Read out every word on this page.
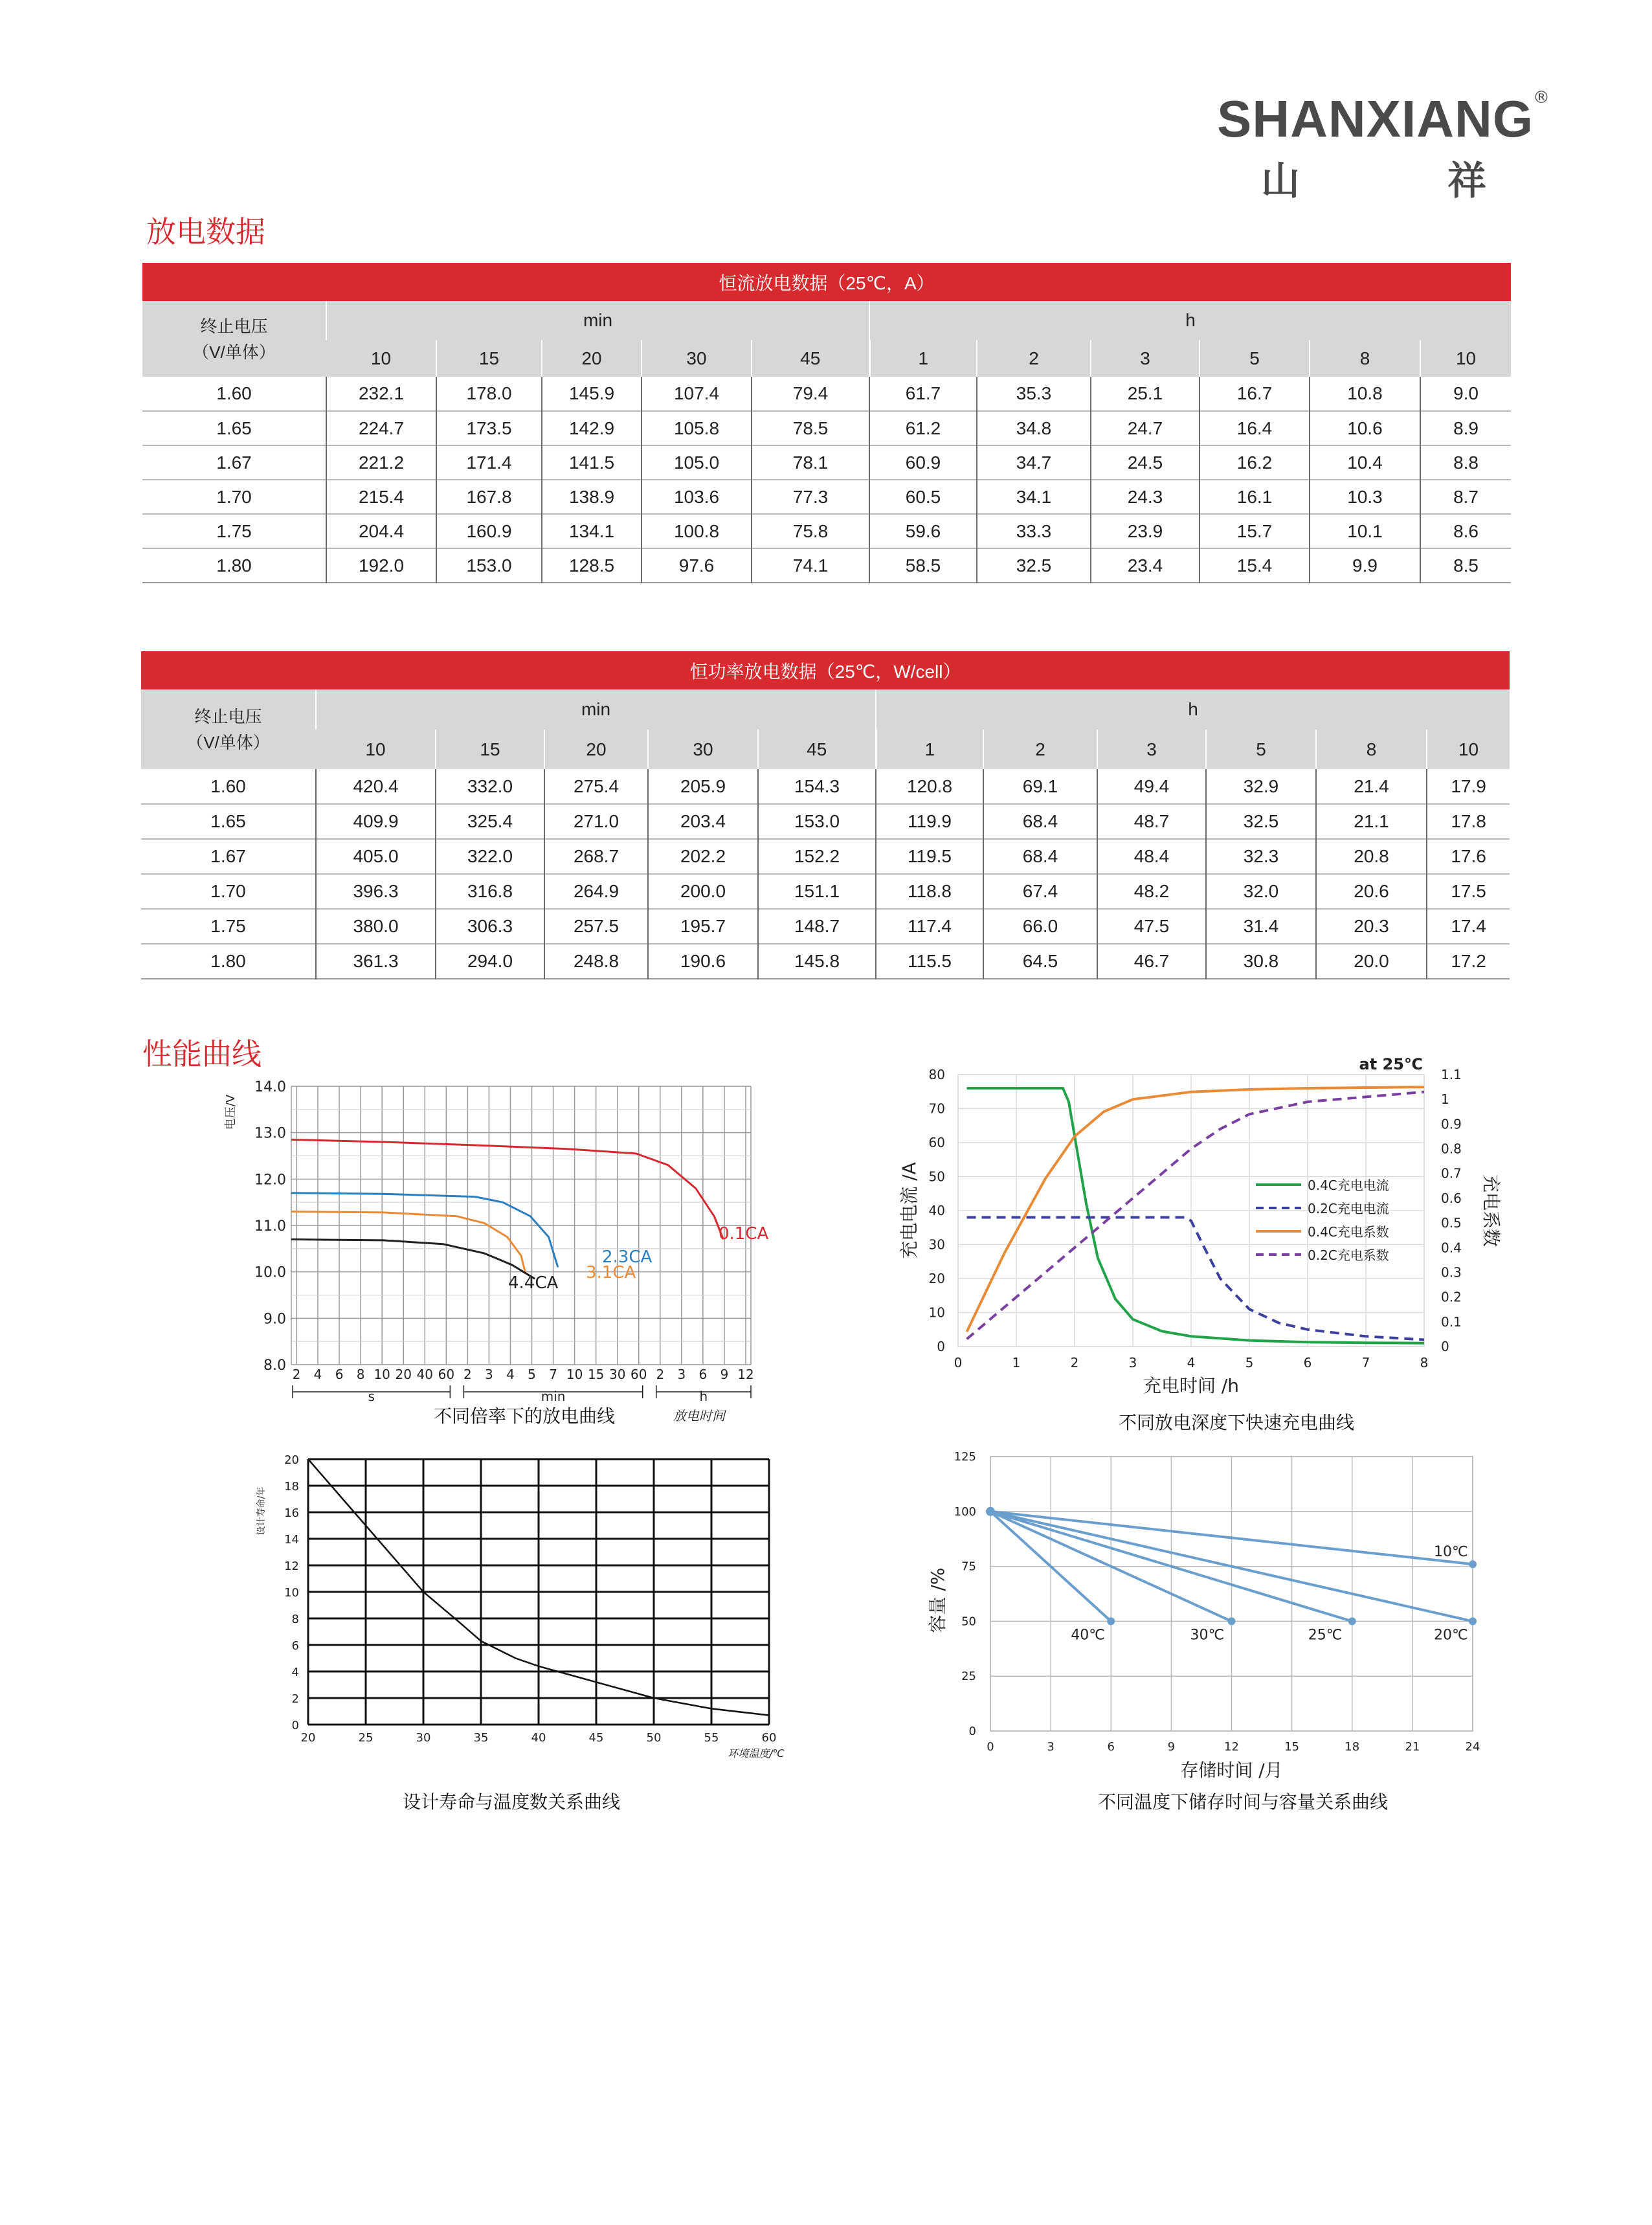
SHANXIANG
®
山	祥
放电数据
恒流放电数据（25℃，A）											

终止电压
（V/单体）	min					h					
	10	15	20	30	45	1	2	3	5	8	10
1.60	232.1	178.0	145.9	107.4	79.4	61.7	35.3	25.1	16.7	10.8	9.0
1.65	224.7	173.5	142.9	105.8	78.5	61.2	34.8	24.7	16.4	10.6	8.9
1.67	221.2	171.4	141.5	105.0	78.1	60.9	34.7	24.5	16.2	10.4	8.8
1.70	215.4	167.8	138.9	103.6	77.3	60.5	34.1	24.3	16.1	10.3	8.7
1.75	204.4	160.9	134.1	100.8	75.8	59.6	33.3	23.9	15.7	10.1	8.6
1.80	192.0	153.0	128.5	97.6	74.1	58.5	32.5	23.4	15.4	9.9	8.5
恒功率放电数据（25℃，W/cell）											

终止电压
（V/单体）	min					h					
	10	15	20	30	45	1	2	3	5	8	10
1.60	420.4	332.0	275.4	205.9	154.3	120.8	69.1	49.4	32.9	21.4	17.9
1.65	409.9	325.4	271.0	203.4	153.0	119.9	68.4	48.7	32.5	21.1	17.8
1.67	405.0	322.0	268.7	202.2	152.2	119.5	68.4	48.4	32.3	20.8	17.6
1.70	396.3	316.8	264.9	200.0	151.1	118.8	67.4	48.2	32.0	20.6	17.5
1.75	380.0	306.3	257.5	195.7	148.7	117.4	66.0	47.5	31.4	20.3	17.4
1.80	361.3	294.0	248.8	190.6	145.8	115.5	64.5	46.7	30.8	20.0	17.2
性能曲线
14.0
13.0
12.0
11.0
10.0
9.0
8.0
2 4 6 8 10 20 40 60 2 3 4 5 7 10 15 30 60 2 3 6 9 12
s	min	h
放电时间
电压/V
0.1CA
2.3CA
3.1CA
4.4CA
不同倍率下的放电曲线
0	1	2	3	4	5	6	7	8
0
10
20
30
40
50
60
70
80
0
0.1
0.2
0.3
0.4
0.5
0.6
0.7
0.8
0.9
1
1.1
0.4C充电电流
0.2C充电电流
0.4C充电系数
0.2C充电系数
at 25℃
充电时间 /h
充电电流 /A	充电系数
不同放电深度下快速充电曲线
0
2
4
6
8
10
12
14
16
18
20
20	25	30	35	40	45	50	55	60
环境温度/℃
设计寿命/年
设计寿命与温度数关系曲线
0	3	6	9	12	15	18	21	24
0
25
50
75
100
125
10℃
20℃
25℃
30℃
40℃
存储时间 /月
容量 /%
不同温度下储存时间与容量关系曲线
